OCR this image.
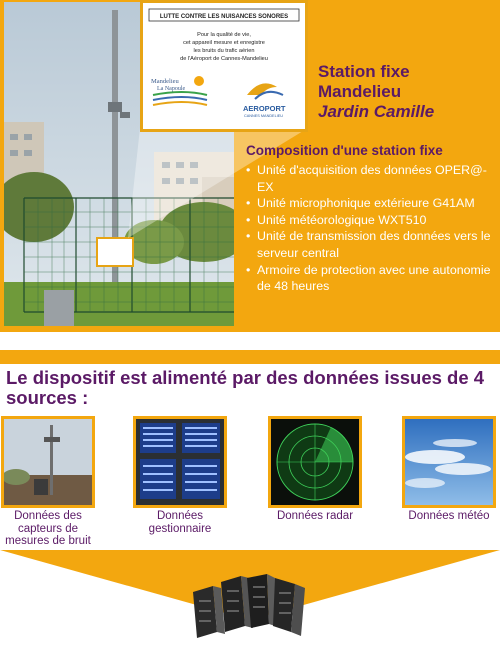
LUTTE CONTRE LES NUISANCES SONORES
Pour la qualité de vie,
cet appareil mesure et enregistre
les bruits du trafic aérien
de l'Aéroport de Cannes-Mandelieu
Mandelieu
La Napoule
AEROPORT
CANNES MANDELIEU
Station fixe
Mandelieu
Jardin Camille
Composition d'une station fixe
• Unité d'acquisition des données OPER@-EX
• Unité microphonique extérieure G41AM
• Unité météorologique WXT510
• Unité de transmission des données vers le serveur central
• Armoire de protection avec une autonomie de 48 heures
Le dispositif est alimenté par des données issues de 4 sources :
Données des capteurs de mesures de bruit
Données gestionnaire
Données radar	Données météo
